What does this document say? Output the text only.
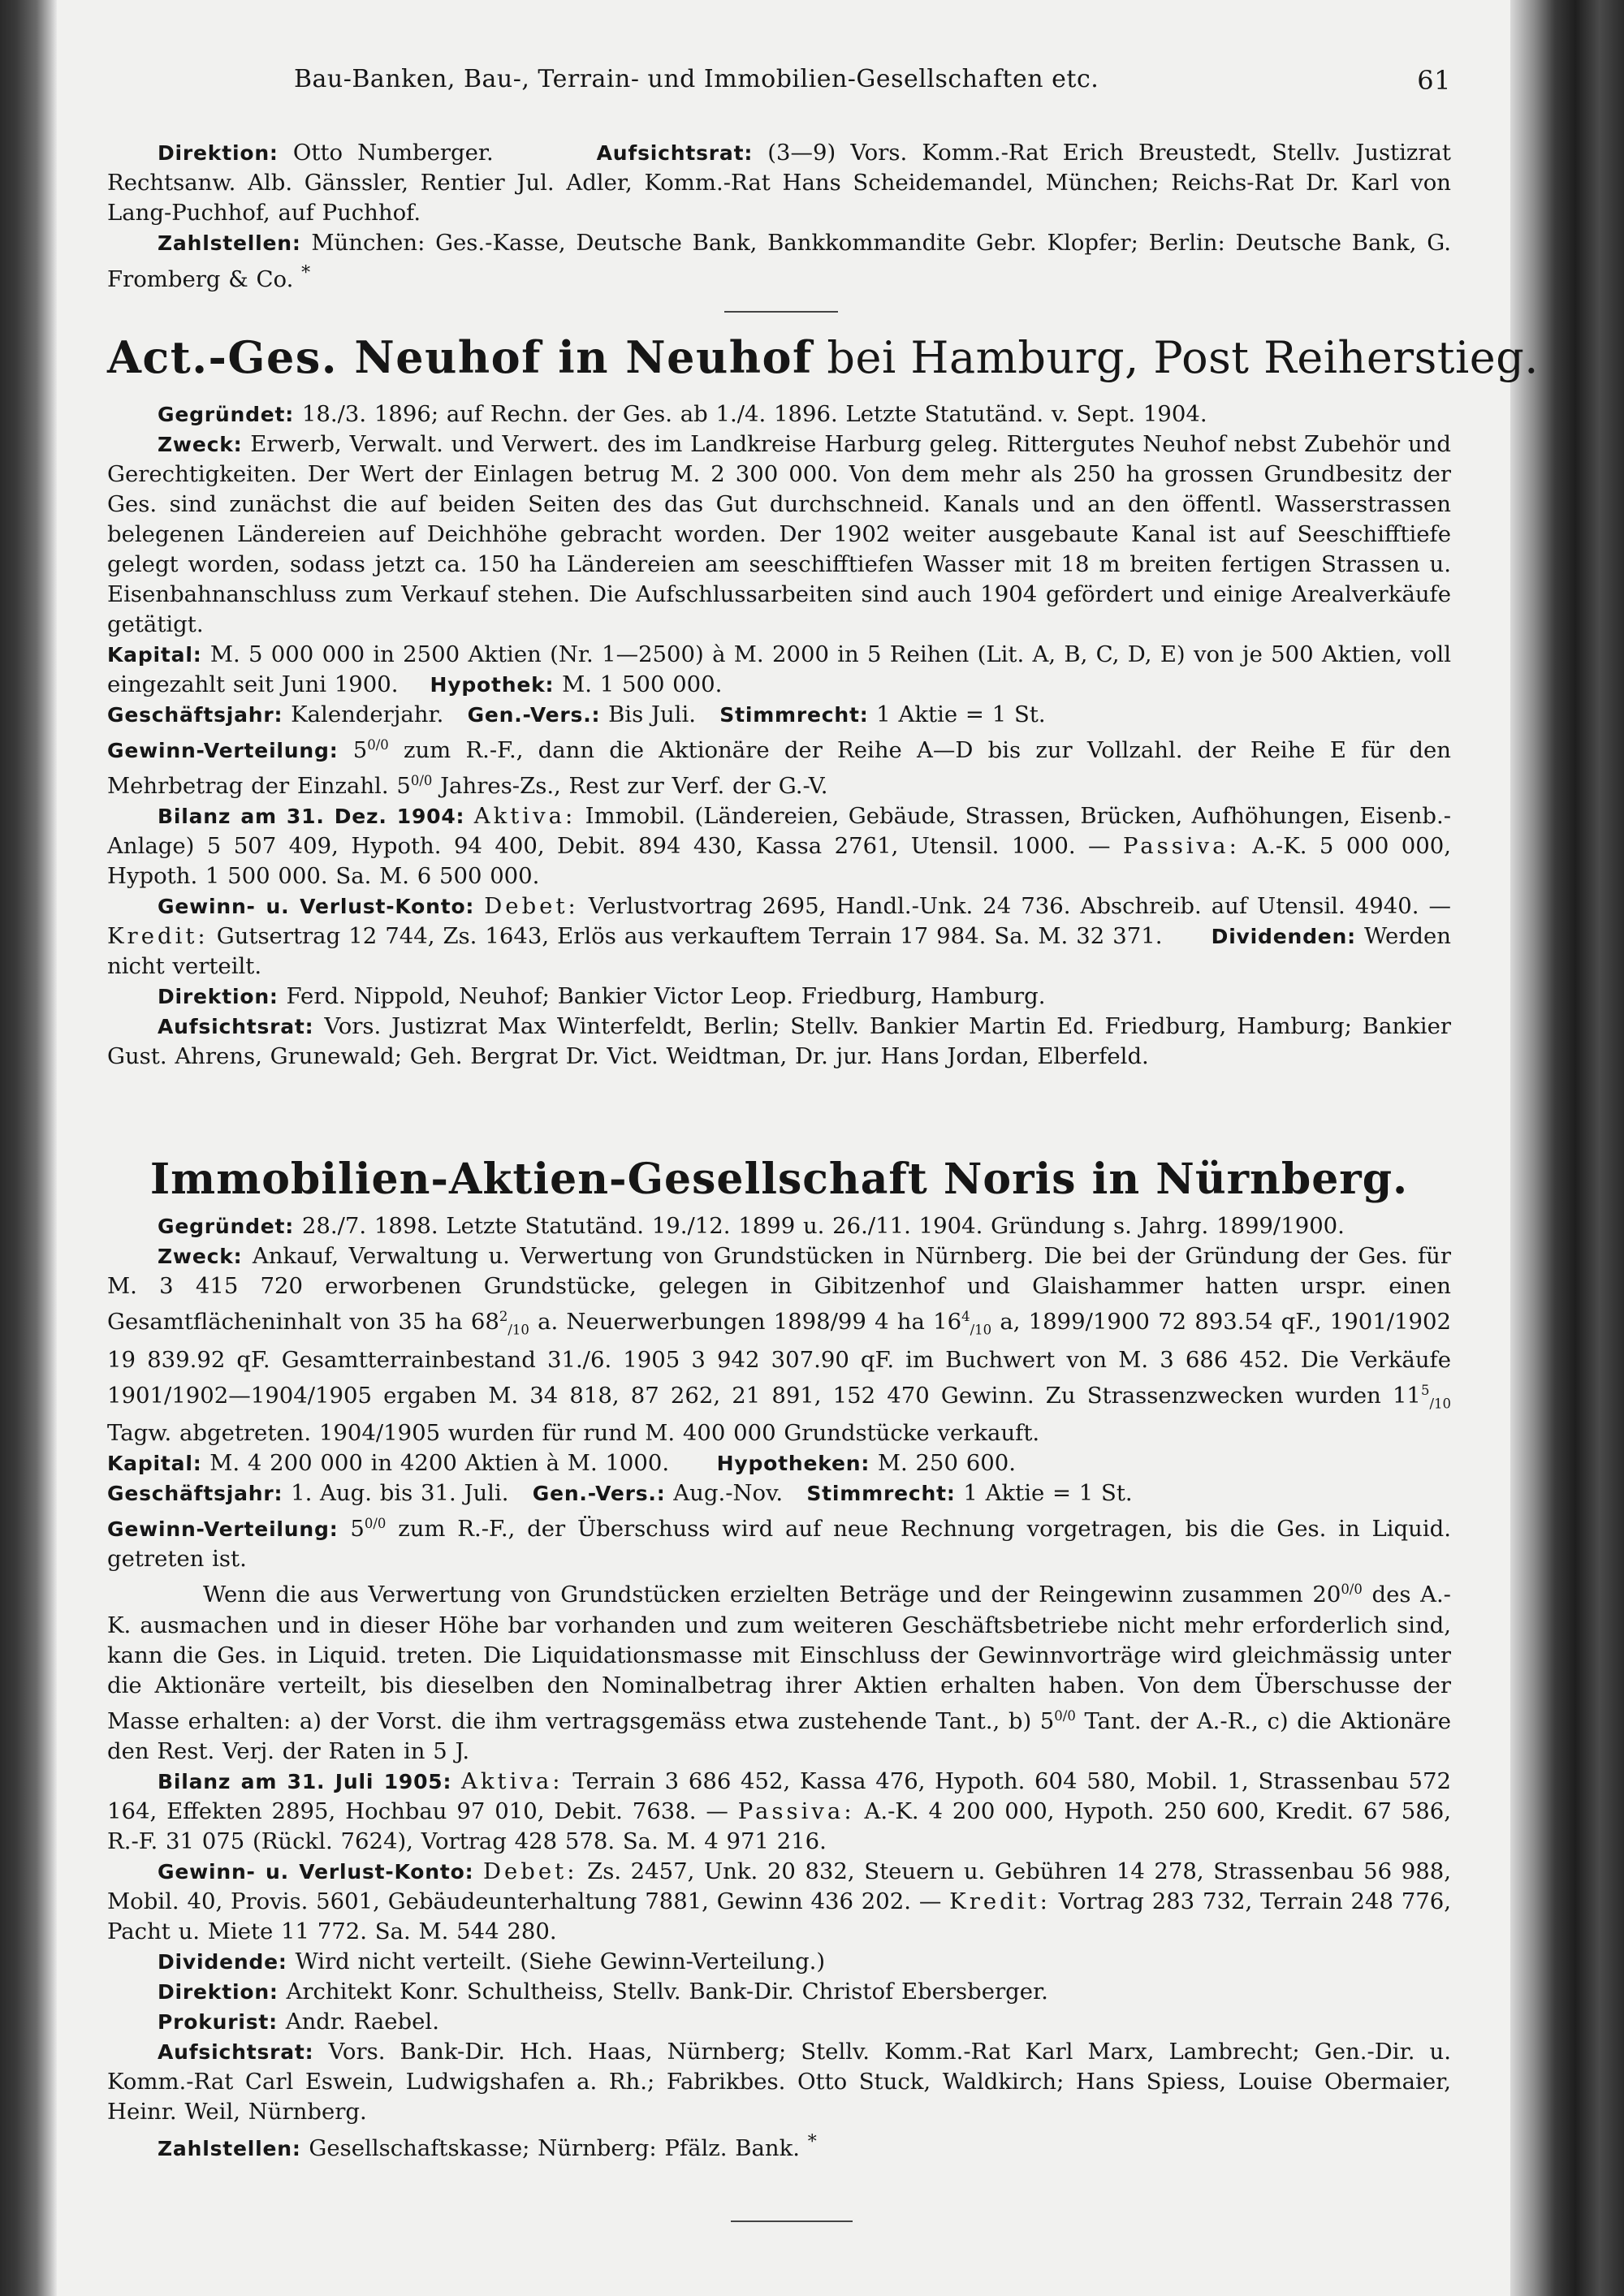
Bau-Banken, Bau-, Terrain- und Immobilien-Gesellschaften etc.	61

Direktion: Otto Numberger.	Aufsichtsrat: (3—9) Vors. Komm.-Rat Erich Breustedt, Stellv. Justizrat Rechtsanw. Alb. Gänssler, Rentier Jul. Adler, Komm.-Rat Hans Scheidemandel, München; Reichs-Rat Dr. Karl von Lang-Puchhof, auf Puchhof.

Zahlstellen: München: Ges.-Kasse, Deutsche Bank, Bankkommandite Gebr. Klopfer; Berlin: Deutsche Bank, G. Fromberg & Co. *

Act.-Ges. Neuhof in Neuhof bei Hamburg, Post Reiherstieg.

Gegründet: 18./3. 1896; auf Rechn. der Ges. ab 1./4. 1896. Letzte Statutänd. v. Sept. 1904.

Zweck: Erwerb, Verwalt. und Verwert. des im Landkreise Harburg geleg. Rittergutes Neuhof nebst Zubehör und Gerechtigkeiten. Der Wert der Einlagen betrug M. 2 300 000. Von dem mehr als 250 ha grossen Grundbesitz der Ges. sind zunächst die auf beiden Seiten des das Gut durchschneid. Kanals und an den öffentl. Wasserstrassen belegenen Ländereien auf Deichhöhe gebracht worden. Der 1902 weiter ausgebaute Kanal ist auf Seeschifftiefe gelegt worden, sodass jetzt ca. 150 ha Ländereien am seeschifftiefen Wasser mit 18 m breiten fertigen Strassen u. Eisenbahnanschluss zum Verkauf stehen. Die Aufschlussarbeiten sind auch 1904 gefördert und einige Arealverkäufe getätigt.

Kapital: M. 5 000 000 in 2500 Aktien (Nr. 1—2500) à M. 2000 in 5 Reihen (Lit. A, B, C, D, E) von je 500 Aktien, voll eingezahlt seit Juni 1900. Hypothek: M. 1 500 000.

Geschäftsjahr: Kalenderjahr. Gen.-Vers.: Bis Juli. Stimmrecht: 1 Aktie = 1 St.

Gewinn-Verteilung: $5^{0/0}$ zum R.-F., dann die Aktionäre der Reihe A—D bis zur Vollzahl. der Reihe E für den Mehrbetrag der Einzahl. $5^{0/0}$ Jahres-Zs., Rest zur Verf. der G.-V.

Bilanz am 31. Dez. 1904: Aktiva: Immobil. (Ländereien, Gebäude, Strassen, Brücken, Aufhöhungen, Eisenb.-Anlage) 5 507 409, Hypoth. 94 400, Debit. 894 430, Kassa 2761, Utensil. 1000. — Passiva: A.-K. 5 000 000, Hypoth. 1 500 000. Sa. M. 6 500 000.

Gewinn- u. Verlust-Konto: Debet: Verlustvortrag 2695, Handl.-Unk. 24 736. Abschreib. auf Utensil. 4940. — Kredit: Gutsertrag 12 744, Zs. 1643, Erlös aus verkauftem Terrain 17 984. Sa. M. 32 371. Dividenden: Werden nicht verteilt.

Direktion: Ferd. Nippold, Neuhof; Bankier Victor Leop. Friedburg, Hamburg.

Aufsichtsrat: Vors. Justizrat Max Winterfeldt, Berlin; Stellv. Bankier Martin Ed. Friedburg, Hamburg; Bankier Gust. Ahrens, Grunewald; Geh. Bergrat Dr. Vict. Weidtman, Dr. jur. Hans Jordan, Elberfeld.

Immobilien-Aktien-Gesellschaft Noris in Nürnberg.

Gegründet: 28./7. 1898. Letzte Statutänd. 19./12. 1899 u. 26./11. 1904. Gründung s. Jahrg. 1899/1900.

Zweck: Ankauf, Verwaltung u. Verwertung von Grundstücken in Nürnberg. Die bei der Gründung der Ges. für M. 3 415 720 erworbenen Grundstücke, gelegen in Gibitzenhof und Glaishammer hatten urspr. einen Gesamtflächeninhalt von 35 ha $68^2_{/10}$ a. Neuerwerbungen 1898/99 4 ha $16^4_{/10}$ a, 1899/1900 72 893.54 qF., 1901/1902 19 839.92 qF. Gesamtterrainbestand 31./6. 1905 3 942 307.90 qF. im Buchwert von M. 3 686 452. Die Verkäufe 1901/1902—1904/1905 ergaben M. 34 818, 87 262, 21 891, 152 470 Gewinn. Zu Strassenzwecken wurden $11^5_{/10}$ Tagw. abgetreten. 1904/1905 wurden für rund M. 400 000 Grundstücke verkauft.

Kapital: M. 4 200 000 in 4200 Aktien à M. 1000. Hypotheken: M. 250 600.

Geschäftsjahr: 1. Aug. bis 31. Juli. Gen.-Vers.: Aug.-Nov. Stimmrecht: 1 Aktie = 1 St.

Gewinn-Verteilung: $5^{0/0}$ zum R.-F., der Überschuss wird auf neue Rechnung vorgetragen, bis die Ges. in Liquid. getreten ist.

Wenn die aus Verwertung von Grundstücken erzielten Beträge und der Reingewinn zusammen $20^{0/0}$ des A.-K. ausmachen und in dieser Höhe bar vorhanden und zum weiteren Geschäftsbetriebe nicht mehr erforderlich sind, kann die Ges. in Liquid. treten. Die Liquidationsmasse mit Einschluss der Gewinnvorträge wird gleichmässig unter die Aktionäre verteilt, bis dieselben den Nominalbetrag ihrer Aktien erhalten haben. Von dem Überschusse der Masse erhalten: a) der Vorst. die ihm vertragsgemäss etwa zustehende Tant., b) $5^{0/0}$ Tant. der A.-R., c) die Aktionäre den Rest. Verj. der Raten in 5 J.

Bilanz am 31. Juli 1905: Aktiva: Terrain 3 686 452, Kassa 476, Hypoth. 604 580, Mobil. 1, Strassenbau 572 164, Effekten 2895, Hochbau 97 010, Debit. 7638. — Passiva: A.-K. 4 200 000, Hypoth. 250 600, Kredit. 67 586, R.-F. 31 075 (Rückl. 7624), Vortrag 428 578. Sa. M. 4 971 216.

Gewinn- u. Verlust-Konto: Debet: Zs. 2457, Unk. 20 832, Steuern u. Gebühren 14 278, Strassenbau 56 988, Mobil. 40, Provis. 5601, Gebäudeunterhaltung 7881, Gewinn 436 202. — Kredit: Vortrag 283 732, Terrain 248 776, Pacht u. Miete 11 772. Sa. M. 544 280.

Dividende: Wird nicht verteilt. (Siehe Gewinn-Verteilung.)

Direktion: Architekt Konr. Schultheiss, Stellv. Bank-Dir. Christof Ebersberger.

Prokurist: Andr. Raebel.

Aufsichtsrat: Vors. Bank-Dir. Hch. Haas, Nürnberg; Stellv. Komm.-Rat Karl Marx, Lambrecht; Gen.-Dir. u. Komm.-Rat Carl Eswein, Ludwigshafen a. Rh.; Fabrikbes. Otto Stuck, Waldkirch; Hans Spiess, Louise Obermaier, Heinr. Weil, Nürnberg.

Zahlstellen: Gesellschaftskasse; Nürnberg: Pfälz. Bank. *
